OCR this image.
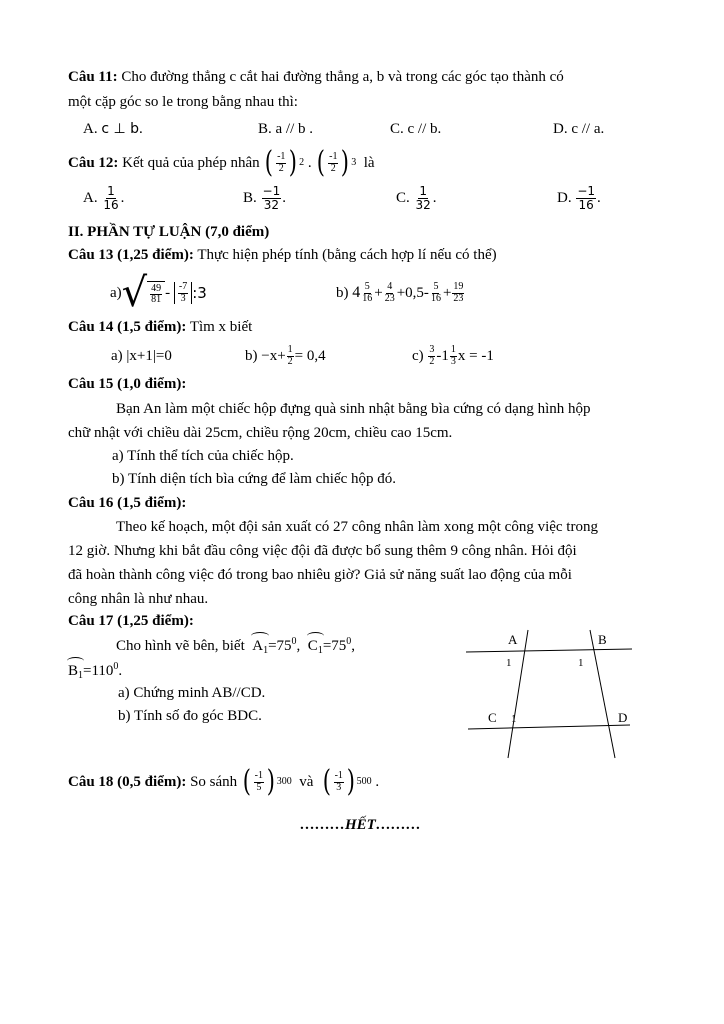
Câu 11: Cho đường thẳng c cắt hai đường thẳng a, b và trong các góc tạo thành có
một cặp góc so le trong bằng nhau thì:
A. c ⊥ b.	B. a // b .	C. c // b.	D. c // a.
Câu 12:
Kết quả của phép nhân
( $\frac{-1}{2}$ ) 2
.
( $\frac{-1}{2}$ ) 3
là
A.
$\frac{1}{16}$ .	B.
$\frac{-1}{32}$ .	C.
$\frac{1}{32}$ .	D.
$\frac{-1}{16}$ .
II. PHẦN TỰ LUẬN (7,0 điểm)
Câu 13 (1,25 điểm): Thực hiện phép tính (bằng cách hợp lí nếu có thể)
a) √ $\frac{49}{81}$ -
$\frac{-7}{3}$ :3	b)
$4 \frac{5}{16} + \frac{4}{23} +0,5- \frac{5}{16} + \frac{19}{23}$
Câu 14 (1,5 điểm): Tìm x biết
a) |x+1|=0	$b) -x+ \frac{1}{2} = 0,4$	c)
$\frac{3}{2} -1 \frac{1}{3}$ x = -1
Câu 15 (1,0 điểm):
Bạn An làm một chiếc hộp đựng quà sinh nhật bằng bìa cứng có dạng hình hộp
chữ nhật với chiều dài 25cm, chiều rộng 20cm, chiều cao 15cm.
a) Tính thể tích của chiếc hộp.
b) Tính diện tích bìa cứng để làm chiếc hộp đó.
Câu 16 (1,5 điểm):
Theo kế hoạch, một đội sản xuất có 27 công nhân làm xong một công việc trong
12 giờ. Nhưng khi bắt đầu công việc đội đã được bổ sung thêm 9 công nhân. Hỏi đội
đã hoàn thành công việc đó trong bao nhiêu giờ? Giả sử năng suất lao động của mỗi
công nhân là như nhau.
Câu 17 (1,25 điểm):
Cho hình vẽ bên, biết $A_1=75^0$, $C_1=75^0$,
$B_1=110^0$.
a) Chứng minh AB//CD.
b) Tính số đo góc BDC.
A	B
C	D
1	1
1
Câu 18 (0,5 điểm):
So sánh
( $\frac{-1}{5}$ ) 300
và
( $\frac{-1}{3}$ ) 500
.
………HẾT………
